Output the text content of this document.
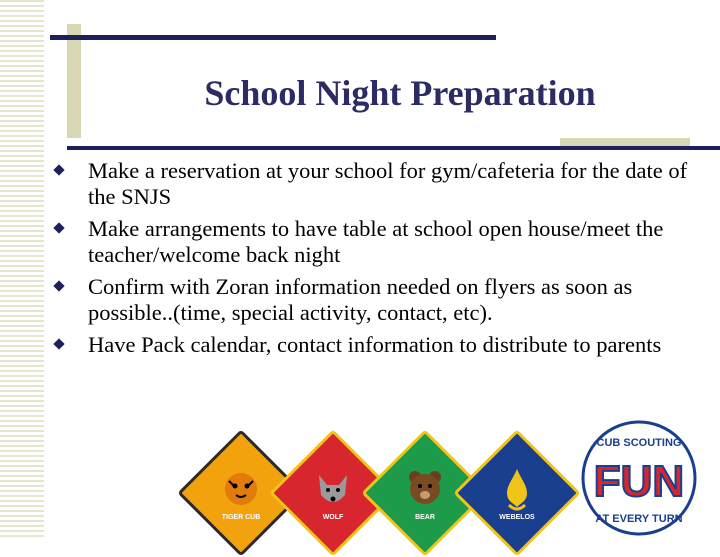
School Night Preparation
Make a reservation at your school for gym/cafeteria for the date of the SNJS
Make arrangements to have table at school open house/meet the teacher/welcome back night
Confirm with Zoran information needed on flyers as soon as possible..(time, special activity, contact, etc).
Have Pack calendar, contact information to distribute to parents
TIGER CUB	WOLF	BEAR	WEBELOS
CUB SCOUTING
FUN
AT EVERY TURN
